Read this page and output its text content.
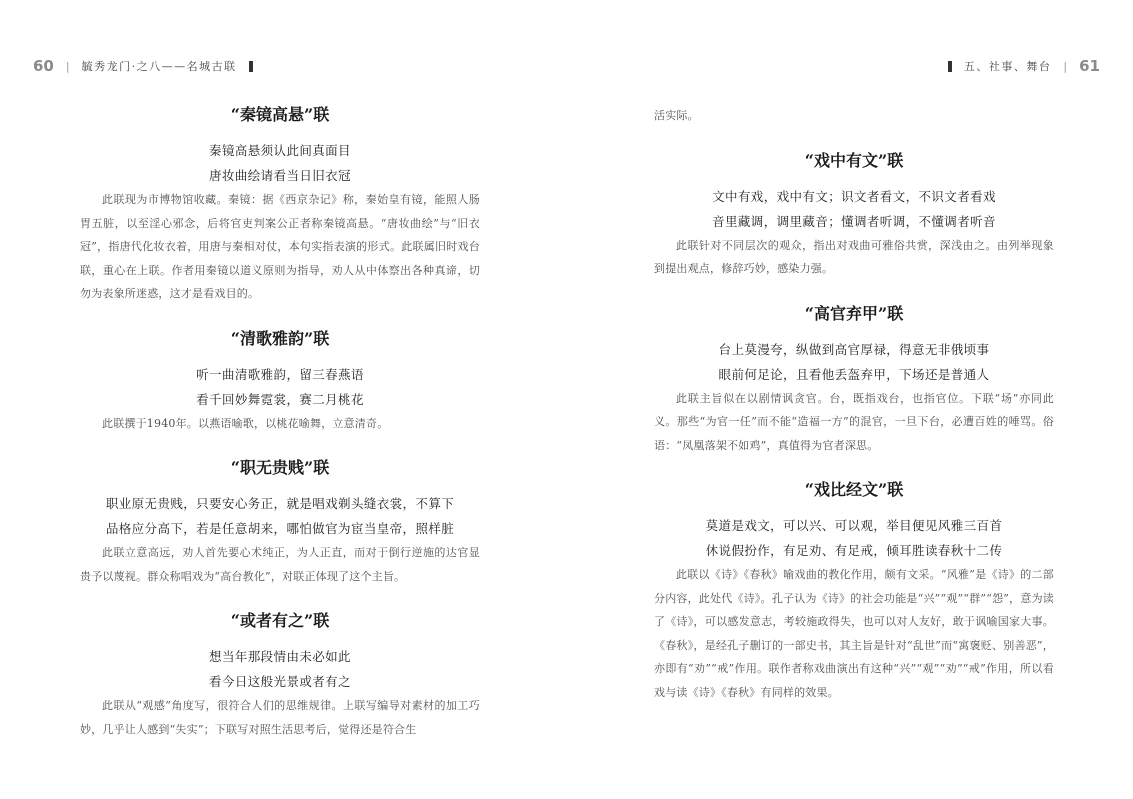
60 | 毓秀龙门·之八——名城古联
“秦镜高悬”联
秦镜高悬须认此间真面目
唐妆曲绘请看当日旧衣冠

此联现为市博物馆收藏。秦镜：据《西京杂记》称，秦始皇有镜，能照人肠胃五脏，以至淫心邪念，后将官吏判案公正者称秦镜高悬。“唐妆曲绘”与“旧衣冠”，指唐代化妆衣着，用唐与秦相对仗，本句实指表演的形式。此联属旧时戏台联，重心在上联。作者用秦镜以道义原则为指导，劝人从中体察出各种真谛，切勿为表象所迷惑，这才是看戏目的。

“清歌雅韵”联
听一曲清歌雅韵，留三春燕语
看千回妙舞霓裳，赛二月桃花

此联撰于1940年。以燕语喻歌，以桃花喻舞，立意清奇。

“职无贵贱”联
职业原无贵贱，只要安心务正，就是唱戏剃头缝衣裳，不算下
品格应分高下，若是任意胡来，哪怕做官为宦当皇帝，照样脏

此联立意高远，劝人首先要心术纯正，为人正直，而对于倒行逆施的达官显贵予以蔑视。群众称唱戏为“高台教化”，对联正体现了这个主旨。

“或者有之”联
想当年那段情由未必如此
看今日这般光景或者有之

此联从“观感”角度写，很符合人们的思维规律。上联写编导对素材的加工巧妙，几乎让人感到“失实”；下联写对照生活思考后，觉得还是符合生

五、社事、舞台 | 61

活实际。

“戏中有文”联
文中有戏，戏中有文；识文者看文，不识文者看戏
音里藏调，调里藏音；懂调者听调，不懂调者听音

此联针对不同层次的观众，指出对戏曲可雅俗共赏，深浅由之。由列举现象到提出观点，修辞巧妙，感染力强。

“高官弃甲”联
台上莫漫夸，纵做到高官厚禄，得意无非俄顷事
眼前何足论，且看他丢盔弃甲，下场还是普通人

此联主旨似在以剧情讽贪官。台，既指戏台，也指官位。下联“场”亦同此义。那些“为官一任”而不能“造福一方”的混官，一旦下台，必遭百姓的唾骂。俗语：“凤凰落架不如鸡”，真值得为官者深思。

“戏比经文”联
莫道是戏文，可以兴、可以观，举目便见风雅三百首
休说假扮作，有足劝、有足戒，倾耳胜读春秋十二传

此联以《诗》《春秋》喻戏曲的教化作用，颇有文采。“风雅”是《诗》的二部分内容，此处代《诗》。孔子认为《诗》的社会功能是“兴”“观”“群”“怨”，意为读了《诗》，可以感发意志，考较施政得失，也可以对人友好，敢于讽喻国家大事。《春秋》，是经孔子删订的一部史书，其主旨是针对“乱世”而“寓褒贬、别善恶”，亦即有“劝”“戒”作用。联作者称戏曲演出有这种“兴”“观”“劝”“戒”作用，所以看戏与读《诗》《春秋》有同样的效果。
